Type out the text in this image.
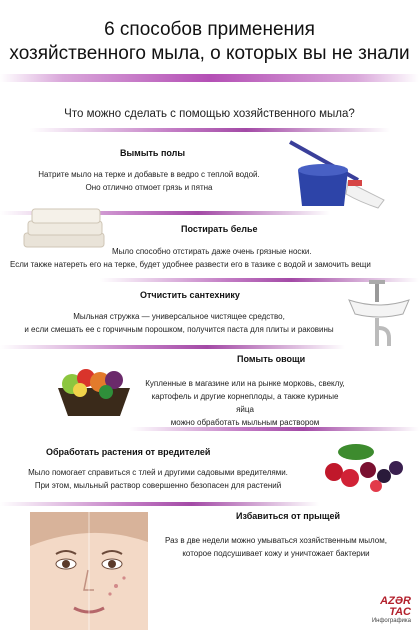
6 способов применения
хозяйственного мыла, о которых вы не знали
Что можно сделать с помощью хозяйственного мыла?
Вымыть полы
Натрите мыло на терке и добавьте в ведро с теплой водой.
Оно отлично отмоет грязь и пятна
Постирать белье
Мыло способно отстирать даже очень грязные носки.
Если также натереть его на терке, будет удобнее развести его в тазике с водой и замочить вещи
Отчистить сантехнику
Мыльная стружка — универсальное чистящее средство,
и если смешать ее с горчичным порошком, получится паста для плиты и раковины
Помыть овощи
Купленные в магазине или на рынке морковь, свеклу,
картофель и другие корнеплоды, а также куриные яйца
можно обработать мыльным раствором
Обработать растения от вредителей
Мыло помогает справиться с тлей и другими садовыми вредителями.
При этом, мыльный раствор совершенно безопасен для растений
Избавиться от прыщей
Раз в две недели можно умываться хозяйственным мылом,
которое подсушивает кожу и уничтожает бактерии
AZƏR TAC
Инфографика
